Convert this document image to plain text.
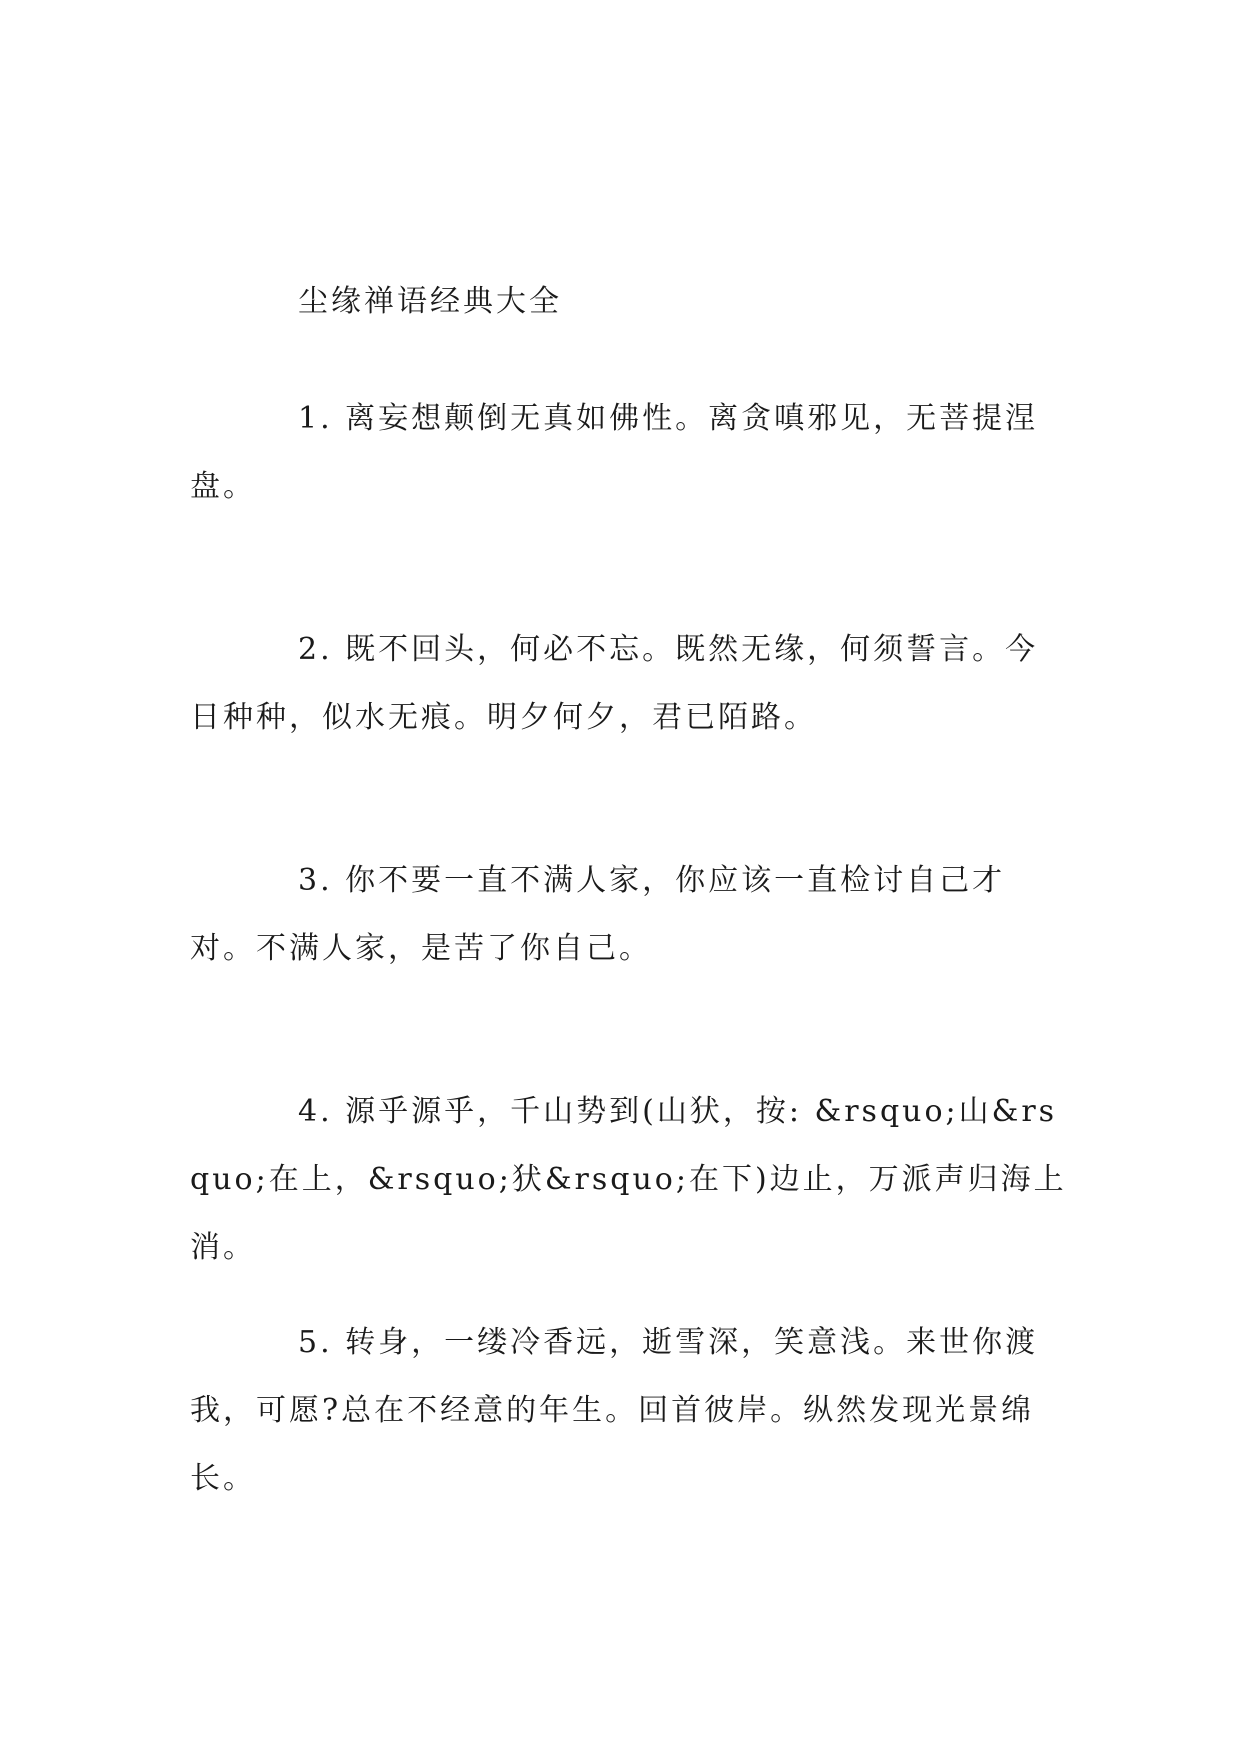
尘缘禅语经典大全

1. 离妄想颠倒无真如佛性。离贪嗔邪见，无菩提涅盘。

2. 既不回头，何必不忘。既然无缘，何须誓言。今日种种，似水无痕。明夕何夕，君已陌路。

3. 你不要一直不满人家，你应该一直检讨自己才对。不满人家，是苦了你自己。

4. 源乎源乎，千山势到(山犾，按: &rsquo;山&rsquo;在上，&rsquo;犾&rsquo;在下)边止，万派声归海上消。

5. 转身，一缕冷香远，逝雪深，笑意浅。来世你渡我，可愿?总在不经意的年生。回首彼岸。纵然发现光景绵长。
